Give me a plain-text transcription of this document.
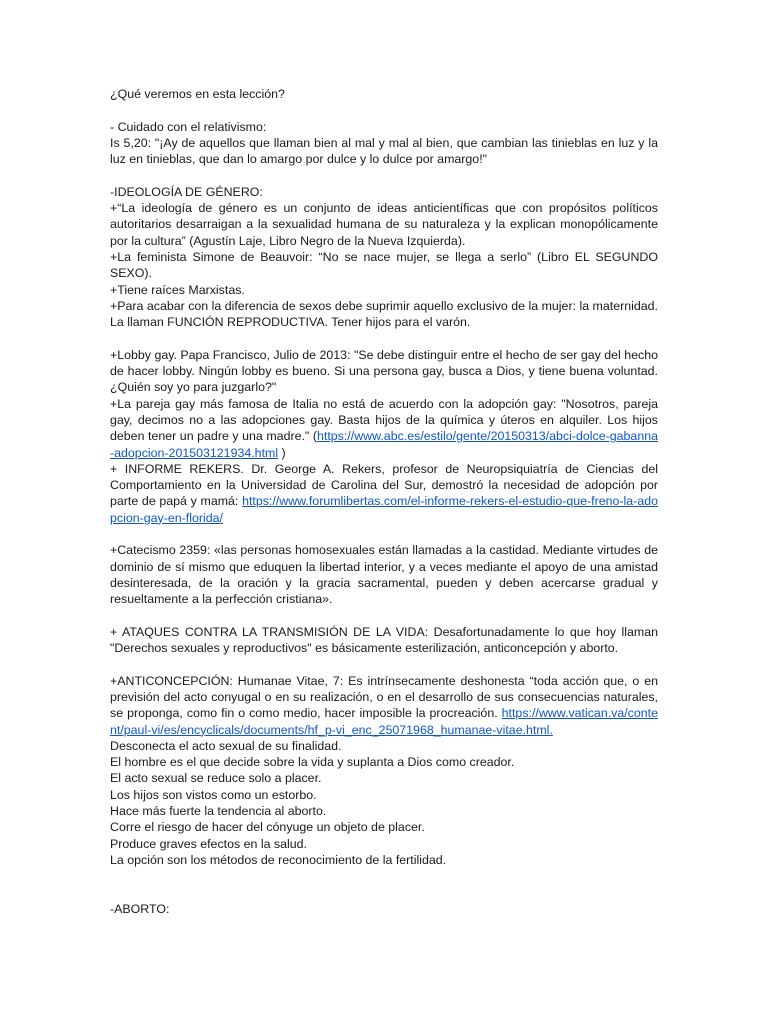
¿Qué veremos en esta lección?

- Cuidado con el relativismo:

Is 5,20: "¡Ay de aquellos que llaman bien al mal y mal al bien, que cambian las tinieblas en luz y la luz en tinieblas, que dan lo amargo por dulce y lo dulce por amargo!"

-IDEOLOGÍA DE GÉNERO:

+“La ideología de género es un conjunto de ideas anticientíficas que con propósitos políticos autoritarios desarraigan a la sexualidad humana de su naturaleza y la explican monopólicamente por la cultura” (Agustín Laje, Libro Negro de la Nueva Izquierda).

+La feminista Simone de Beauvoir: “No se nace mujer, se llega a serlo” (Libro EL SEGUNDO SEXO).

+Tiene raíces Marxistas.

+Para acabar con la diferencia de sexos debe suprimir aquello exclusivo de la mujer: la maternidad. La llaman FUNCIÓN REPRODUCTIVA. Tener hijos para el varón.

+Lobby gay. Papa Francisco, Julio de 2013: "Se debe distinguir entre el hecho de ser gay del hecho de hacer lobby. Ningún lobby es bueno. Si una persona gay, busca a Dios, y tiene buena voluntad. ¿Quién soy yo para juzgarlo?"

+La pareja gay más famosa de Italia no está de acuerdo con la adopción gay: "Nosotros, pareja gay, decimos no a las adopciones gay. Basta hijos de la química y úteros en alquiler. Los hijos deben tener un padre y una madre." (https://www.abc.es/estilo/gente/20150313/abci-dolce-gabanna-adopcion-201503121934.html )

+ INFORME REKERS. Dr. George A. Rekers, profesor de Neuropsiquiatría de Ciencias del Comportamiento en la Universidad de Carolina del Sur, demostró la necesidad de adopción por parte de papá y mamá: https://www.forumlibertas.com/el-informe-rekers-el-estudio-que-freno-la-adopcion-gay-en-florida/

+Catecismo 2359: «las personas homosexuales están llamadas a la castidad. Mediante virtudes de dominio de sí mismo que eduquen la libertad interior, y a veces mediante el apoyo de una amistad desinteresada, de la oración y la gracia sacramental, pueden y deben acercarse gradual y resueltamente a la perfección cristiana».

+ ATAQUES CONTRA LA TRANSMISIÓN DE LA VIDA: Desafortunadamente lo que hoy llaman "Derechos sexuales y reproductivos" es básicamente esterilización, anticoncepción y aborto.

+ANTICONCEPCIÓN: Humanae Vitae, 7: Es intrínsecamente deshonesta “toda acción que, o en previsión del acto conyugal o en su realización, o en el desarrollo de sus consecuencias naturales, se proponga, como fin o como medio, hacer imposible la procreación. https://www.vatican.va/content/paul-vi/es/encyclicals/documents/hf_p-vi_enc_25071968_humanae-vitae.html.

Desconecta el acto sexual de su finalidad.

El hombre es el que decide sobre la vida y suplanta a Dios como creador.

El acto sexual se reduce solo a placer.

Los hijos son vistos como un estorbo.

Hace más fuerte la tendencia al aborto.

Corre el riesgo de hacer del cónyuge un objeto de placer.

Produce graves efectos en la salud.

La opción son los métodos de reconocimiento de la fertilidad.

-ABORTO:
